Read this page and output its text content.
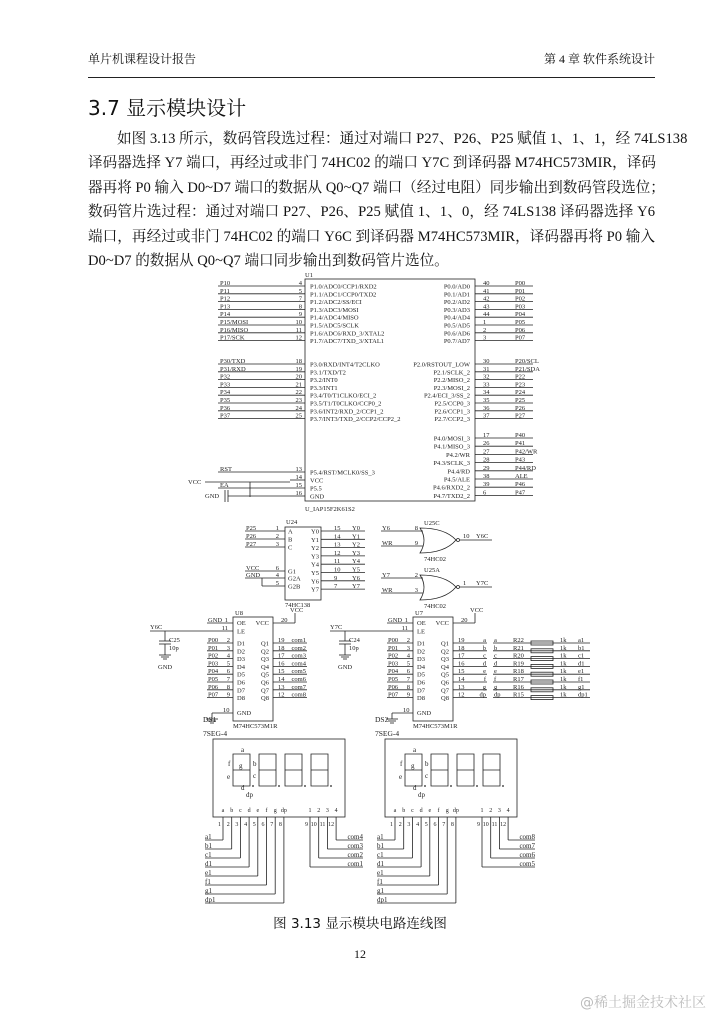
单片机课程设计报告	第 4 章 软件系统设计
3.7 显示模块设计
如图 3.13 所示，数码管段选过程：通过对端口 P27、P26、P25 赋值 1、1、1，经 74LS138
译码器选择 Y7 端口，再经过或非门 74HC02 的端口 Y7C 到译码器 M74HC573MIR，译码
器再将 P0 输入 D0~D7 端口的数据从 Q0~Q7 端口（经过电阻）同步输出到数码管段选位；
数码管片选过程：通过对端口 P27、P26、P25 赋值 1、1、0，经 74LS138 译码器选择 Y6
端口，再经过或非门 74HC02 的端口 Y6C 到译码器 M74HC573MIR，译码器再将 P0 输入
D0~D7 的数据从 Q0~Q7 端口同步输出到数码管片选位。
U1
U_IAP15F2K61S2
P10	4 P1.0/ADC0/CCP1/RXD2
P11	5 P1.1/ADC1/CCP0/TXD2
P12	7 P1.2/ADC2/SS/ECI
P13	8 P1.3/ADC3/MOSI
P14	9 P1.4/ADC4/MISO
P15/MOSI	10 P1.5/ADC5/SCLK
P16/MISO	11 P1.6/ADC6/RXD_3/XTAL2
P17/SCK	12 P1.7/ADC7/TXD_3/XTAL1
P30/TXD	18 P3.0/RXD/INT4/T2CLKO
P31/RXD	19 P3.1/TXD/T2
P32	20 P3.2/INT0
P33	21 P3.3/INT1
P34	22 P3.4/T0/T1CLKO/ECI_2
P35	23 P3.5/T1/T0CLKO/CCP0_2
P36	24 P3.6/INT2/RXD_2/CCP1_2
P37	25 P3.7/INT3/TXD_2/CCP2/CCP2_2
RST	13 P5.4/RST/MCLK0/SS_3
14 VCC
EA	15 P5.5
16 GND
VCC
GND
P0.0/AD0 40	P00
P0.1/AD1 41	P01
P0.2/AD2 42	P02
P0.3/AD3 43	P03
P0.4/AD4 44	P04
P0.5/AD5 1	P05
P0.6/AD6 2	P06
P0.7/AD7 3	P07
P2.0/RSTOUT_LOW 30	P20/SCL
P2.1/SCLK_2 31	P21/SDA
P2.2/MISO_2 32	P22
P2.3/MOSI_2 33	P23
P2.4/ECI_3/SS_2 34	P24
P2.5/CCP0_3 35	P25
P2.6/CCP1_3 36	P26
P2.7/CCP2_3 37	P27
P4.0/MOSI_3 17	P40
P4.1/MISO_3 26	P41
P4.2/WR 27	P42/WR
P4.3/SCLK_3 28	P43
P4.4/RD 29	P44/RD
P4.5/ALE 38	ALE
P4.6/RXD2_2 39	P46
P4.7/TXD2_2 6	P47
U24
74HC138
P25	1 A
P26	2 B
P27	3 C
VCC	6 G1
GND 4 G2A
5 G2B
Y0 15 Y0
Y1 14 Y1
Y2 13 Y2
Y3 12 Y3
Y4 11 Y4
Y5 10 Y5
Y6 9 Y6
Y7 7 Y7
U25C
74HC02
Y6	8
WR	9
10 Y6C
U25A
74HC02
Y7	2
WR	3
1 Y7C
U8
M74HC573M1R
GND 1 OE
VCC
20
VCC
Y6C	11 LE
C25
10p
GND
P00 2 D1
P01 3 D2
P02 4 D3
P03 5 D4
P04 6 D5
P05 7 D6
P06 8 D7
P07 9 D8
Q1 19 com1
Q2 18 com2
Q3 17 com3
Q4 16 com4
Q5 15 com5
Q6 14 com6
Q7 13 com7
Q8 12 com8
10 GND
U7
M74HC573M1R
GND 1 OE
VCC
20
VCC
Y7C	11 LE
C24
10p
GND
P00 2 D1
P01 3 D2
P02 4 D3
P03 5 D4
P04 6 D5
P05 7 D6
P06 8 D7
P07 9 D8
Q1 19	a
Q2 18	b
Q3 17	c
Q4 16	d
Q5 15	e
Q6 14	f
Q7 13	g
Q8 12 dp
10 GND
a R22	1k a1
b R21	1k b1
c R20	1k c1
d R19	1k d1
e R18	1k e1
f	R17	1k f1
g R16	1k g1
dp R15	1k dp1
DS1
7SEG-4
a
b
c
d
e
f g
dp
a
1
a1
b
2
b1
c
3
c1
d
4
d1
e
5
e1
f
6
f1
g
7
g1
dp
8
dp1
1
9
com1
2
10
com2
3
11
com3
4
12
com4
DS2
7SEG-4
a
b
c
d
e
f g
dp
a
1
a1
b
2
b1
c
3
c1
d
4
d1
e
5
e1
f
6
f1
g
7
g1
dp
8
dp1
1
9
com5
2
10
com6
3
11
com7
4
12
com8
图 3.13 显示模块电路连线图
12
@稀土掘金技术社区
